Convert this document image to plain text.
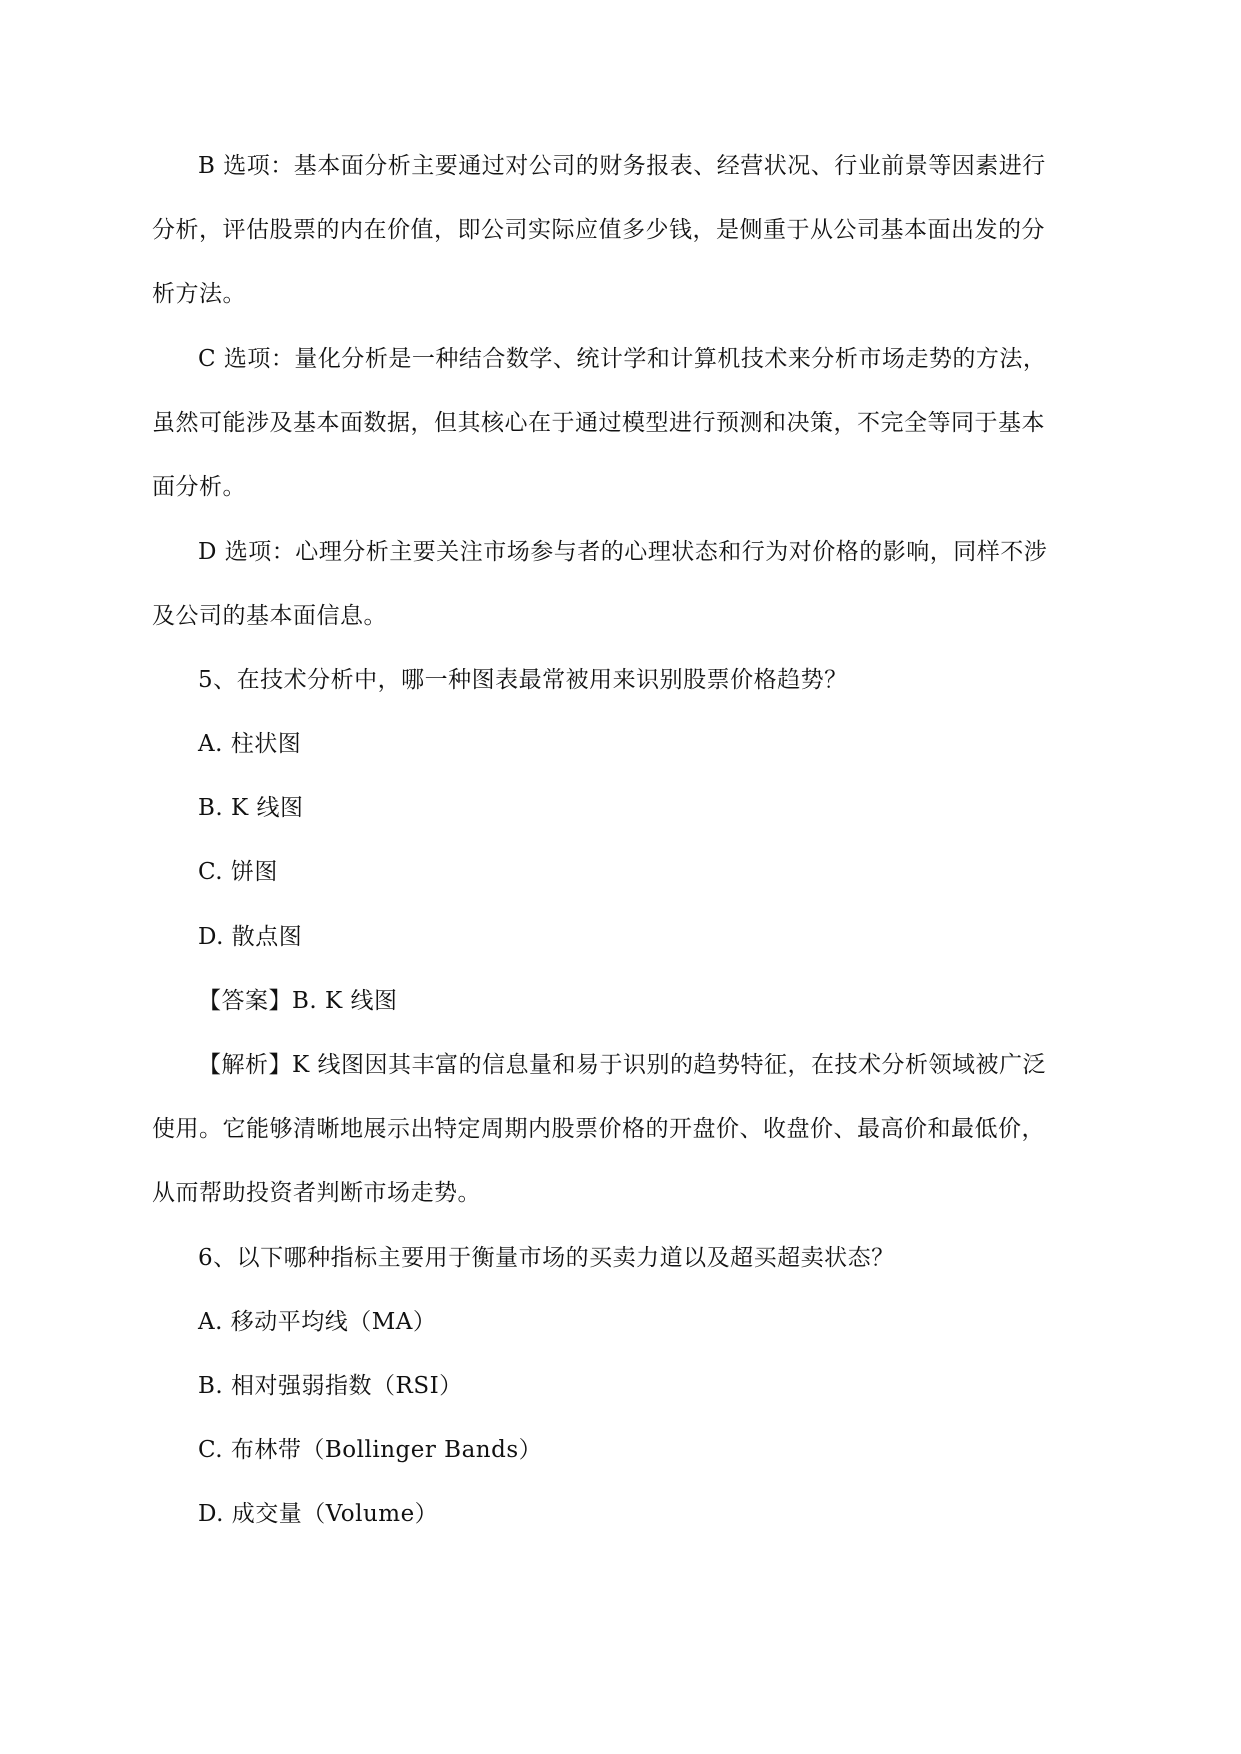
B 选项：基本面分析主要通过对公司的财务报表、经营状况、行业前景等因素进行
分析，评估股票的内在价值，即公司实际应值多少钱，是侧重于从公司基本面出发的分
析方法。
C 选项：量化分析是一种结合数学、统计学和计算机技术来分析市场走势的方法，
虽然可能涉及基本面数据，但其核心在于通过模型进行预测和决策，不完全等同于基本
面分析。
D 选项：心理分析主要关注市场参与者的心理状态和行为对价格的影响，同样不涉
及公司的基本面信息。
5、在技术分析中，哪一种图表最常被用来识别股票价格趋势？
A. 柱状图
B. K 线图
C. 饼图
D. 散点图
【答案】B. K 线图
【解析】K 线图因其丰富的信息量和易于识别的趋势特征，在技术分析领域被广泛
使用。它能够清晰地展示出特定周期内股票价格的开盘价、收盘价、最高价和最低价，
从而帮助投资者判断市场走势。
6、以下哪种指标主要用于衡量市场的买卖力道以及超买超卖状态？
A. 移动平均线（MA）
B. 相对强弱指数（RSI）
C. 布林带（Bollinger Bands）
D. 成交量（Volume）
